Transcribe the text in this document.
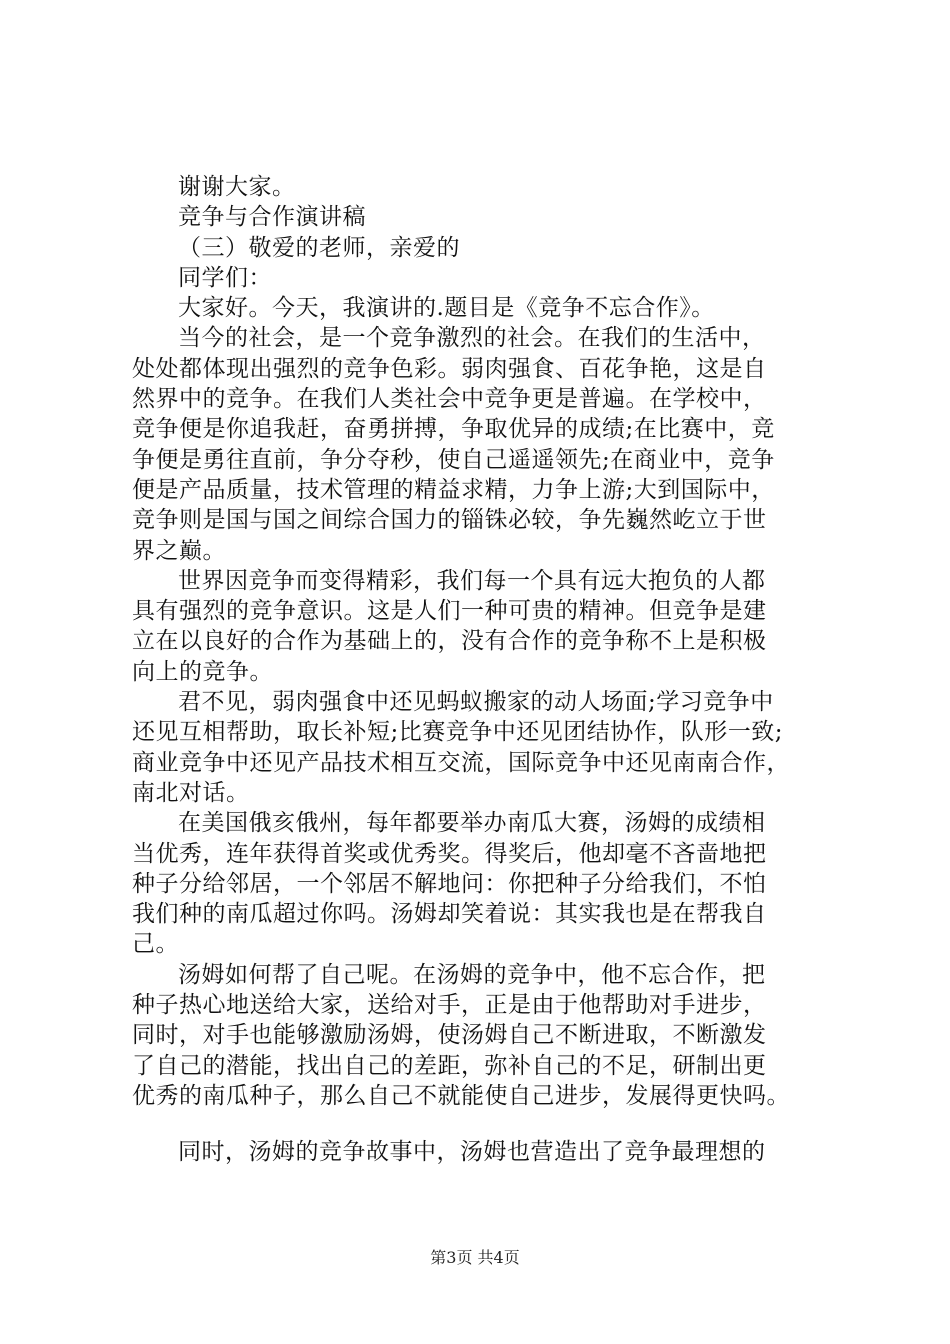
谢谢大家。
竞争与合作演讲稿
（三）敬爱的老师，亲爱的
同学们：
大家好。今天，我演讲的.题目是《竞争不忘合作》。
当今的社会，是一个竞争激烈的社会。在我们的生活中，
处处都体现出强烈的竞争色彩。弱肉强食、百花争艳，这是自
然界中的竞争。在我们人类社会中竞争更是普遍。在学校中，
竞争便是你追我赶，奋勇拼搏，争取优异的成绩;在比赛中，竞
争便是勇往直前，争分夺秒，使自己遥遥领先;在商业中，竞争
便是产品质量，技术管理的精益求精，力争上游;大到国际中，
竞争则是国与国之间综合国力的锱铢必较，争先巍然屹立于世
界之巅。
世界因竞争而变得精彩，我们每一个具有远大抱负的人都
具有强烈的竞争意识。这是人们一种可贵的精神。但竞争是建
立在以良好的合作为基础上的，没有合作的竞争称不上是积极
向上的竞争。
君不见，弱肉强食中还见蚂蚁搬家的动人场面;学习竞争中
还见互相帮助，取长补短;比赛竞争中还见团结协作，队形一致;
商业竞争中还见产品技术相互交流，国际竞争中还见南南合作，
南北对话。
在美国俄亥俄州，每年都要举办南瓜大赛，汤姆的成绩相
当优秀，连年获得首奖或优秀奖。得奖后，他却毫不吝啬地把
种子分给邻居，一个邻居不解地问：你把种子分给我们，不怕
我们种的南瓜超过你吗。汤姆却笑着说：其实我也是在帮我自
己。
汤姆如何帮了自己呢。在汤姆的竞争中，他不忘合作，把
种子热心地送给大家，送给对手，正是由于他帮助对手进步，
同时，对手也能够激励汤姆，使汤姆自己不断进取，不断激发
了自己的潜能，找出自己的差距，弥补自己的不足，研制出更
优秀的南瓜种子，那么自己不就能使自己进步，发展得更快吗。
同时，汤姆的竞争故事中，汤姆也营造出了竞争最理想的
第3页 共4页
